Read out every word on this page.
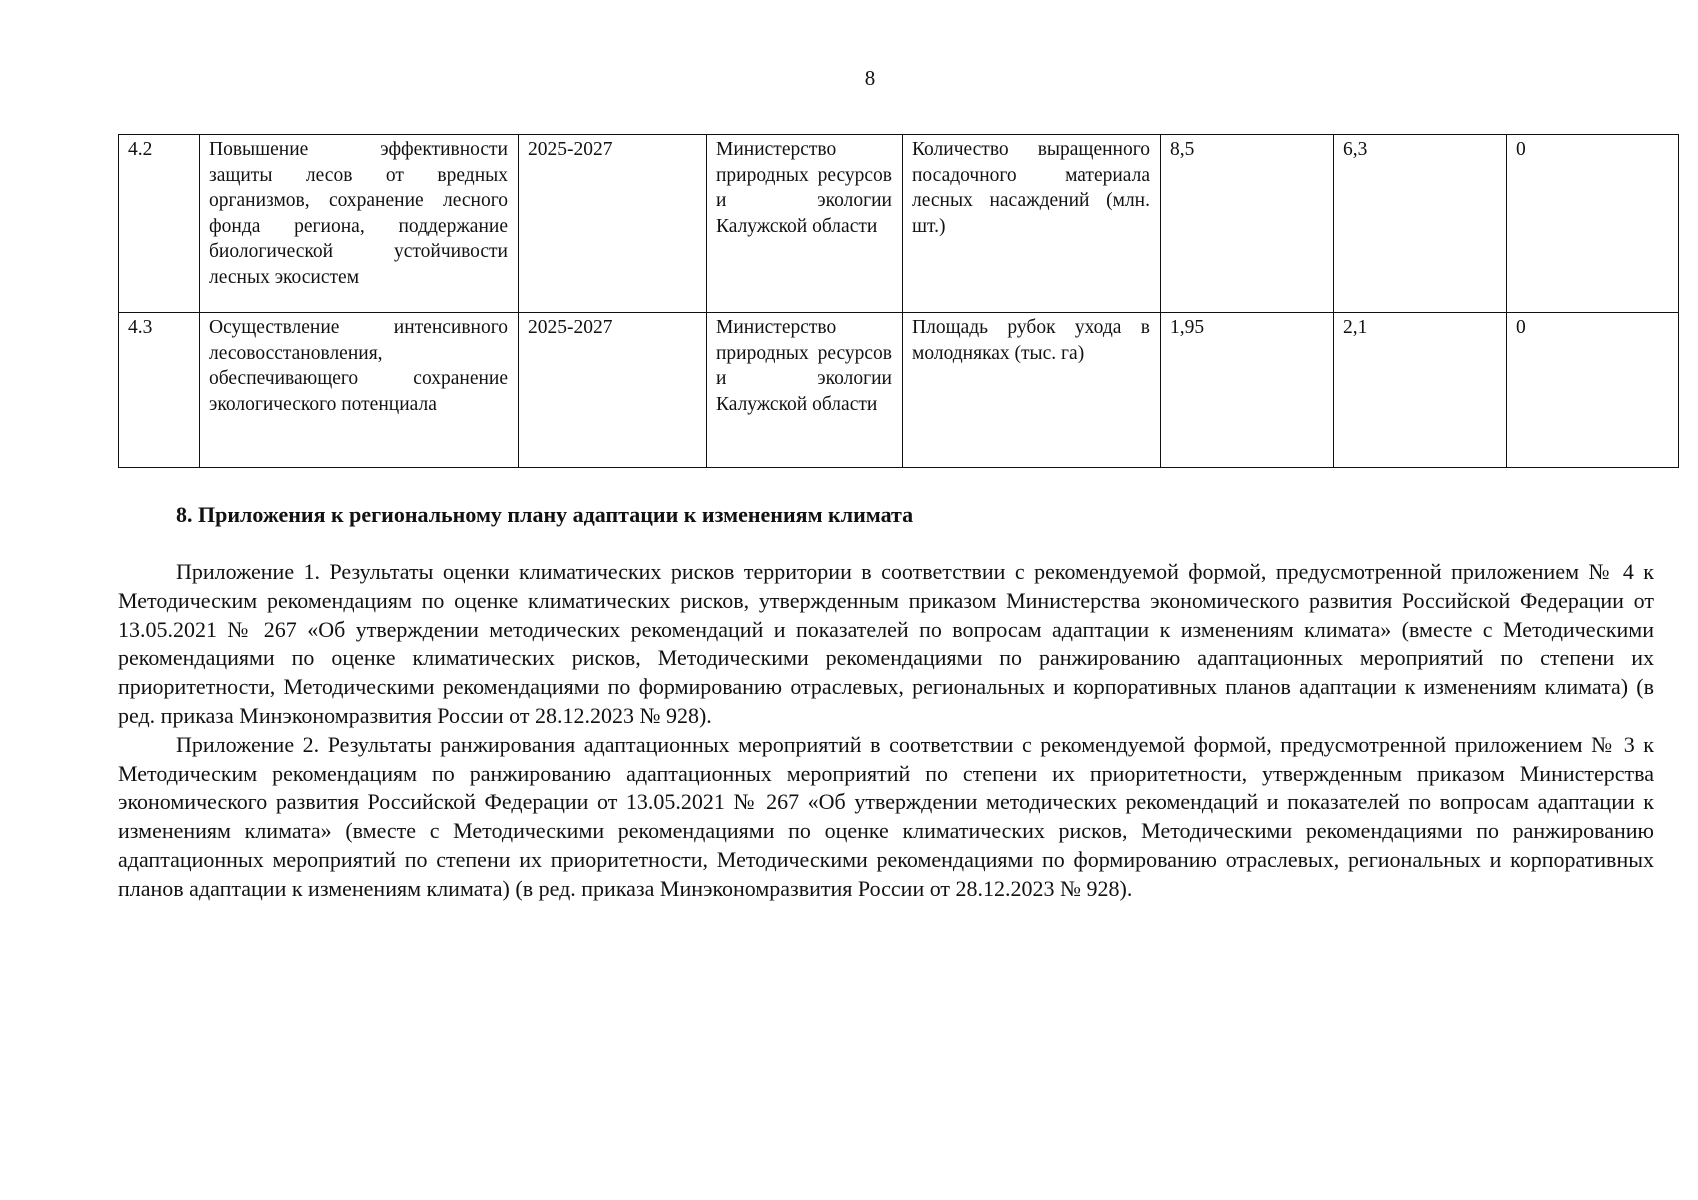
8
4.2	Повышение эффективности защиты лесов от вредных организмов, сохранение лесного фонда региона, поддержание биологической устойчивости лесных экосистем	2025-2027	Министерство природных ресурсов и экологии Калужской области	Количество выращенного посадочного материала лесных насаждений (млн. шт.)	8,5	6,3	0
4.3	Осуществление интенсивного лесовосстановления, обеспечивающего сохранение экологического потенциала	2025-2027	Министерство природных ресурсов и экологии Калужской области	Площадь рубок ухода в молодняках (тыс. га)	1,95	2,1	0
8. Приложения к региональному плану адаптации к изменениям климата

Приложение 1. Результаты оценки климатических рисков территории в соответствии с рекомендуемой формой, предусмотренной приложением № 4 к Методическим рекомендациям по оценке климатических рисков, утвержденным приказом Министерства экономического развития Российской Федерации от 13.05.2021 № 267 «Об утверждении методических рекомендаций и показателей по вопросам адаптации к изменениям климата» (вместе с Методическими рекомендациями по оценке климатических рисков, Методическими рекомендациями по ранжированию адаптационных мероприятий по степени их приоритетности, Методическими рекомендациями по формированию отраслевых, региональных и корпоративных планов адаптации к изменениям климата) (в ред. приказа Минэкономразвития России от 28.12.2023 № 928).

Приложение 2. Результаты ранжирования адаптационных мероприятий в соответствии с рекомендуемой формой, предусмотренной приложением № 3 к Методическим рекомендациям по ранжированию адаптационных мероприятий по степени их приоритетности, утвержденным приказом Министерства экономического развития Российской Федерации от 13.05.2021 № 267 «Об утверждении методических рекомендаций и показателей по вопросам адаптации к изменениям климата» (вместе с Методическими рекомендациями по оценке климатических рисков, Методическими рекомендациями по ранжированию адаптационных мероприятий по степени их приоритетности, Методическими рекомендациями по формированию отраслевых, региональных и корпоративных планов адаптации к изменениям климата) (в ред. приказа Минэкономразвития России от 28.12.2023 № 928).
